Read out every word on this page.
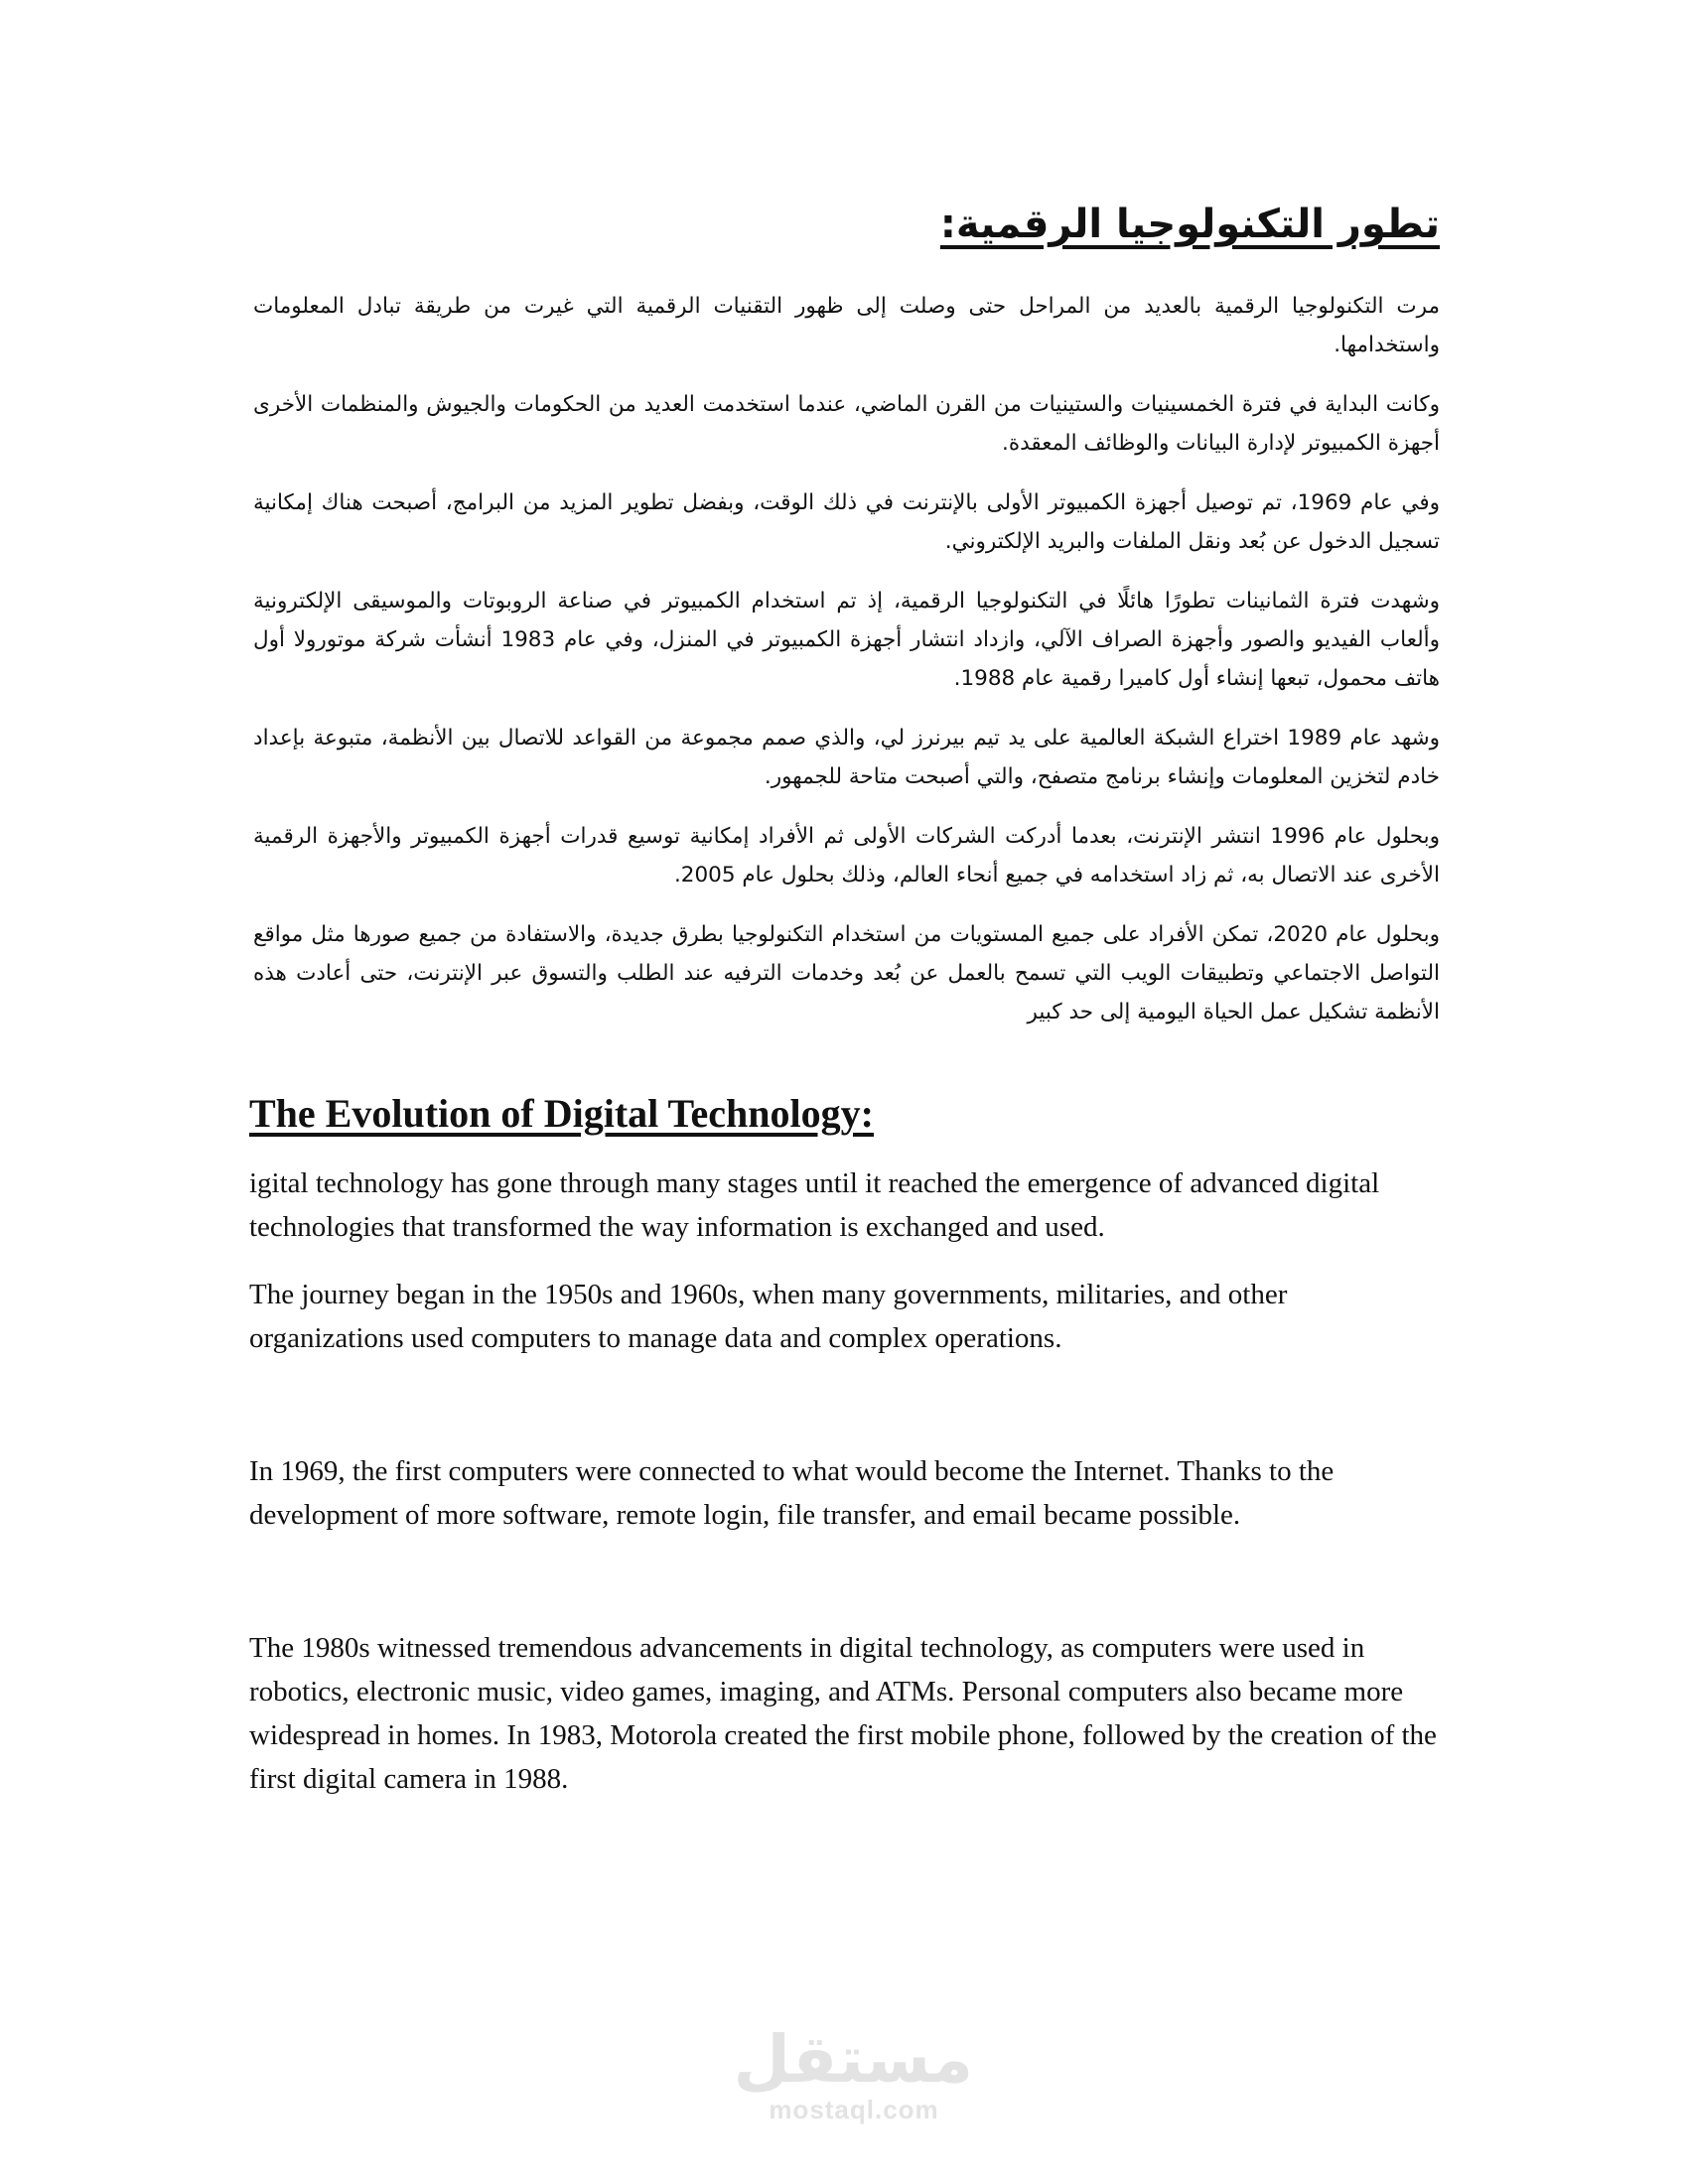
تطور التكنولوجيا الرقمية:

مرت التكنولوجيا الرقمية بالعديد من المراحل حتى وصلت إلى ظهور التقنيات الرقمية التي غيرت من طريقة تبادل المعلومات واستخدامها.

وكانت البداية في فترة الخمسينيات والستينيات من القرن الماضي، عندما استخدمت العديد من الحكومات والجيوش والمنظمات الأخرى أجهزة الكمبيوتر لإدارة البيانات والوظائف المعقدة.

وفي عام 1969، تم توصيل أجهزة الكمبيوتر الأولى بالإنترنت في ذلك الوقت، وبفضل تطوير المزيد من البرامج، أصبحت هناك إمكانية تسجيل الدخول عن بُعد ونقل الملفات والبريد الإلكتروني.

وشهدت فترة الثمانينات تطورًا هائلًا في التكنولوجيا الرقمية، إذ تم استخدام الكمبيوتر في صناعة الروبوتات والموسيقى الإلكترونية وألعاب الفيديو والصور وأجهزة الصراف الآلي، وازداد انتشار أجهزة الكمبيوتر في المنزل، وفي عام 1983 أنشأت شركة موتورولا أول هاتف محمول، تبعها إنشاء أول كاميرا رقمية عام 1988.

وشهد عام 1989 اختراع الشبكة العالمية على يد تيم بيرنرز لي، والذي صمم مجموعة من القواعد للاتصال بين الأنظمة، متبوعة بإعداد خادم لتخزين المعلومات وإنشاء برنامج متصفح، والتي أصبحت متاحة للجمهور.

وبحلول عام 1996 انتشر الإنترنت، بعدما أدركت الشركات الأولى ثم الأفراد إمكانية توسيع قدرات أجهزة الكمبيوتر والأجهزة الرقمية الأخرى عند الاتصال به، ثم زاد استخدامه في جميع أنحاء العالم، وذلك بحلول عام 2005.

وبحلول عام 2020، تمكن الأفراد على جميع المستويات من استخدام التكنولوجيا بطرق جديدة، والاستفادة من جميع صورها مثل مواقع التواصل الاجتماعي وتطبيقات الويب التي تسمح بالعمل عن بُعد وخدمات الترفيه عند الطلب والتسوق عبر الإنترنت، حتى أعادت هذه الأنظمة تشكيل عمل الحياة اليومية إلى حد كبير

The Evolution of Digital Technology:

igital technology has gone through many stages until it reached the emergence of advanced digital technologies that transformed the way information is exchanged and used.

The journey began in the 1950s and 1960s, when many governments, militaries, and other organizations used computers to manage data and complex operations.

In 1969, the first computers were connected to what would become the Internet. Thanks to the development of more software, remote login, file transfer, and email became possible.

The 1980s witnessed tremendous advancements in digital technology, as computers were used in robotics, electronic music, video games, imaging, and ATMs. Personal computers also became more widespread in homes. In 1983, Motorola created the first mobile phone, followed by the creation of the first digital camera in 1988.

مستقل
mostaql.com
